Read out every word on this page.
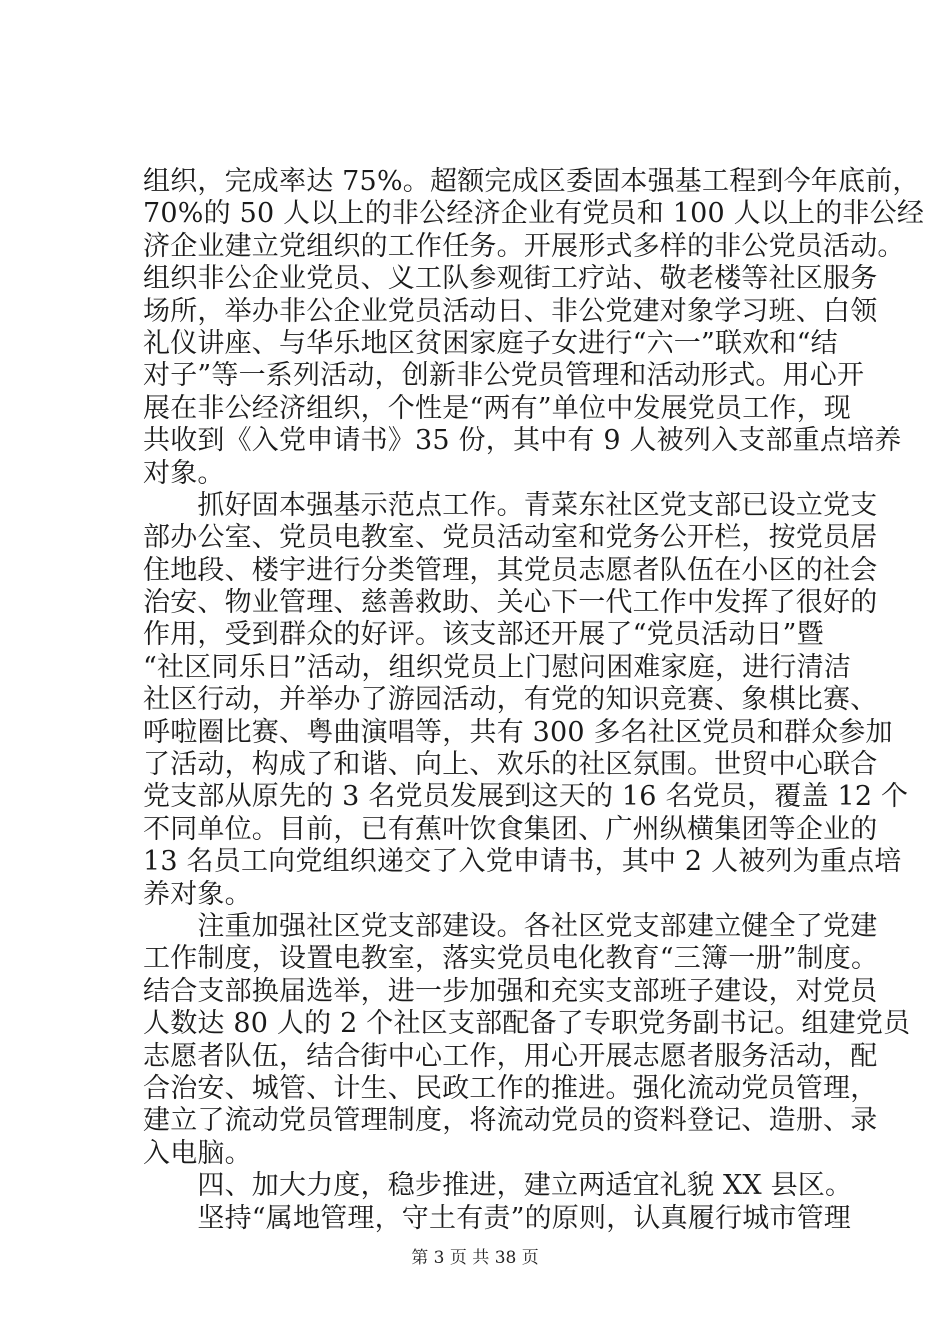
组织，完成率达 75%。超额完成区委固本强基工程到今年底前，
70%的 50 人以上的非公经济企业有党员和 100 人以上的非公经
济企业建立党组织的工作任务。开展形式多样的非公党员活动。
组织非公企业党员、义工队参观街工疗站、敬老楼等社区服务
场所，举办非公企业党员活动日、非公党建对象学习班、白领
礼仪讲座、与华乐地区贫困家庭子女进行“六一”联欢和“结
对子”等一系列活动，创新非公党员管理和活动形式。用心开
展在非公经济组织，个性是“两有”单位中发展党员工作，现
共收到《入党申请书》35 份，其中有 9 人被列入支部重点培养
对象。
　　抓好固本强基示范点工作。青菜东社区党支部已设立党支
部办公室、党员电教室、党员活动室和党务公开栏，按党员居
住地段、楼宇进行分类管理，其党员志愿者队伍在小区的社会
治安、物业管理、慈善救助、关心下一代工作中发挥了很好的
作用，受到群众的好评。该支部还开展了“党员活动日”暨
“社区同乐日”活动，组织党员上门慰问困难家庭，进行清洁
社区行动，并举办了游园活动，有党的知识竞赛、象棋比赛、
呼啦圈比赛、粤曲演唱等，共有 300 多名社区党员和群众参加
了活动，构成了和谐、向上、欢乐的社区氛围。世贸中心联合
党支部从原先的 3 名党员发展到这天的 16 名党员，覆盖 12 个
不同单位。目前，已有蕉叶饮食集团、广州纵横集团等企业的
13 名员工向党组织递交了入党申请书，其中 2 人被列为重点培
养对象。
　　注重加强社区党支部建设。各社区党支部建立健全了党建
工作制度，设置电教室，落实党员电化教育“三簿一册”制度。
结合支部换届选举，进一步加强和充实支部班子建设，对党员
人数达 80 人的 2 个社区支部配备了专职党务副书记。组建党员
志愿者队伍，结合街中心工作，用心开展志愿者服务活动，配
合治安、城管、计生、民政工作的推进。强化流动党员管理，
建立了流动党员管理制度，将流动党员的资料登记、造册、录
入电脑。
　　四、加大力度，稳步推进，建立两适宜礼貌 XX 县区。
　　坚持“属地管理，守土有责”的原则，认真履行城市管理
第 3 页 共 38 页
